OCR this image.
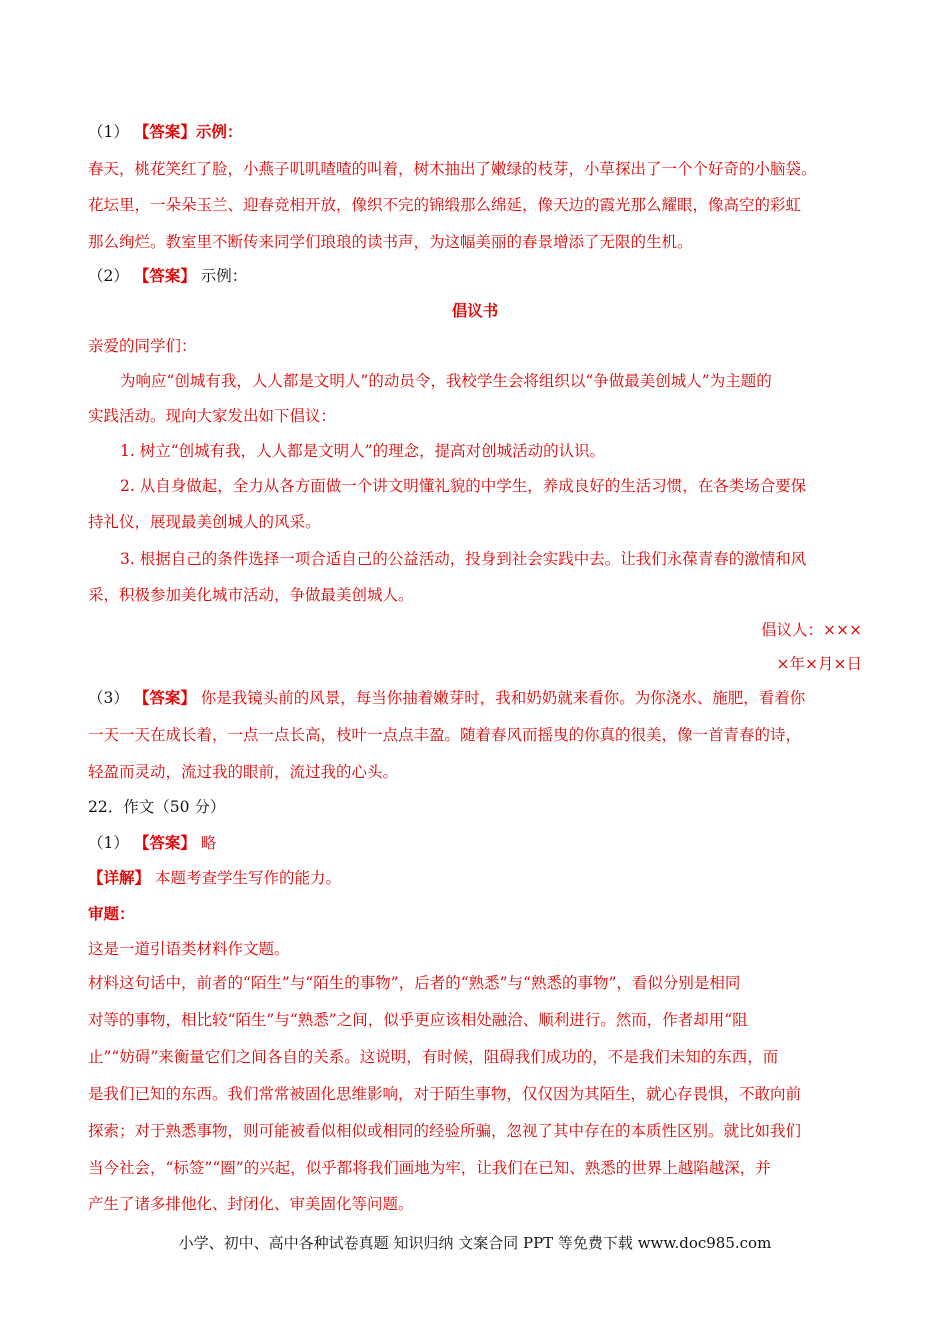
（1） 【答案】示例：
春天，桃花笑红了脸，小燕子叽叽喳喳的叫着，树木抽出了嫩绿的枝芽，小草探出了一个个好奇的小脑袋。
花坛里，一朵朵玉兰、迎春竞相开放，像织不完的锦缎那么绵延，像天边的霞光那么耀眼，像高空的彩虹
那么绚烂。教室里不断传来同学们琅琅的读书声，为这幅美丽的春景增添了无限的生机。
（2） 【答案】 示例：
倡议书
亲爱的同学们：
为响应“创城有我，人人都是文明人”的动员令，我校学生会将组织以“争做最美创城人”为主题的
实践活动。现向大家发出如下倡议：
1. 树立“创城有我，人人都是文明人”的理念，提高对创城活动的认识。
2. 从自身做起，全力从各方面做一个讲文明懂礼貌的中学生，养成良好的生活习惯，在各类场合要保
持礼仪，展现最美创城人的风采。
3. 根据自己的条件选择一项合适自己的公益活动，投身到社会实践中去。让我们永葆青春的激情和风
采，积极参加美化城市活动，争做最美创城人。
倡议人：×××
×年×月×日
（3） 【答案】 你是我镜头前的风景，每当你抽着嫩芽时，我和奶奶就来看你。为你浇水、施肥，看着你
一天一天在成长着，一点一点长高，枝叶一点点丰盈。随着春风而摇曳的你真的很美，像一首青春的诗，
轻盈而灵动，流过我的眼前，流过我的心头。
22．作文（50 分）
（1） 【答案】 略
【详解】 本题考查学生写作的能力。
审题：
这是一道引语类材料作文题。
材料这句话中，前者的“陌生”与“陌生的事物”，后者的“熟悉”与“熟悉的事物”，看似分别是相同
对等的事物，相比较“陌生”与“熟悉”之间，似乎更应该相处融洽、顺利进行。然而，作者却用“阻
止”“妨碍”来衡量它们之间各自的关系。这说明，有时候，阻碍我们成功的，不是我们未知的东西，而
是我们已知的东西。我们常常被固化思维影响，对于陌生事物，仅仅因为其陌生，就心存畏惧，不敢向前
探索；对于熟悉事物，则可能被看似相似或相同的经验所骗，忽视了其中存在的本质性区别。就比如我们
当今社会，“标签”“圈”的兴起，似乎都将我们画地为牢，让我们在已知、熟悉的世界上越陷越深，并
产生了诸多排他化、封闭化、审美固化等问题。
小学、初中、高中各种试卷真题 知识归纳 文案合同 PPT 等免费下载 www.doc985.com
